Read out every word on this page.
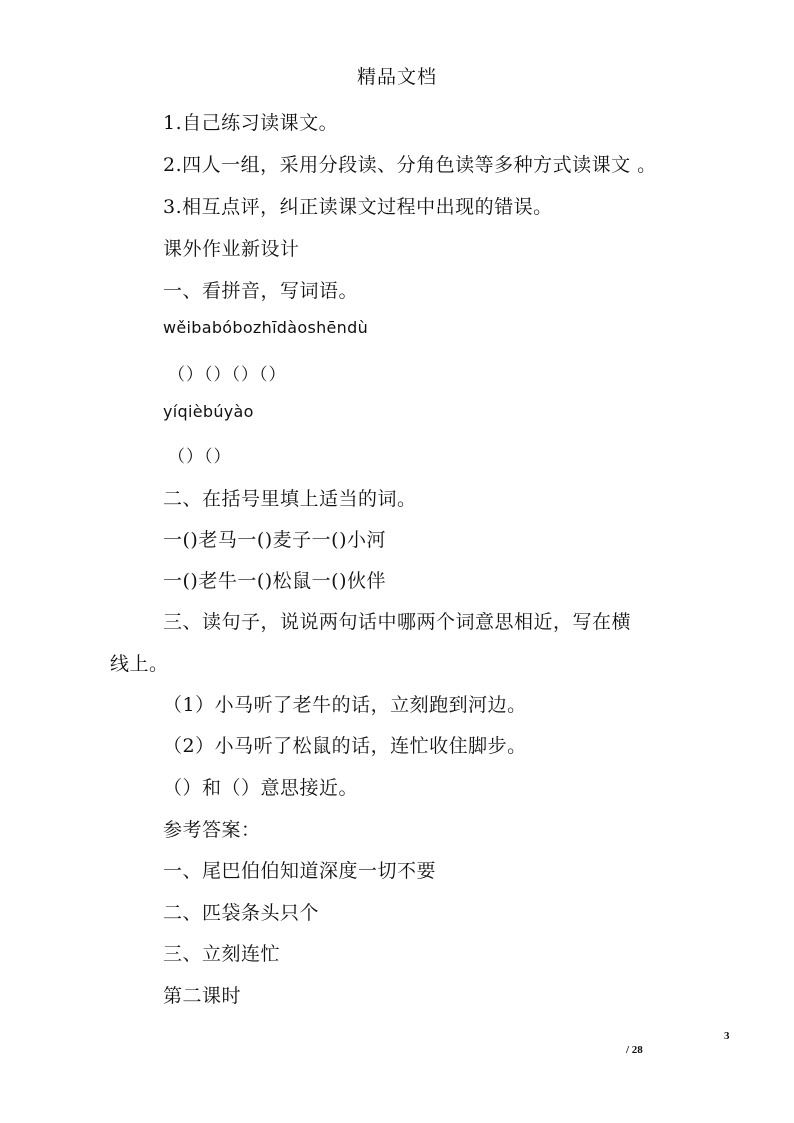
精品文档
1.自己练习读课文。
2.四人一组，采用分段读、分角色读等多种方式读课文 。
3.相互点评，纠正读课文过程中出现的错误。
课外作业新设计
一、看拼音，写词语。
wěibabóbozhīdàoshēndù
（）（）（）（）
yíqièbúyào
（）（）
二、在括号里填上适当的词。
一()老马一()麦子一()小河
一()老牛一()松鼠一()伙伴
三、读句子，说说两句话中哪两个词意思相近，写在横
线上。
（1）小马听了老牛的话，立刻跑到河边。
（2）小马听了松鼠的话，连忙收住脚步。
（）和（）意思接近。
参考答案：
一、尾巴伯伯知道深度一切不要
二、匹袋条头只个
三、立刻连忙
第二课时
3
/ 28
